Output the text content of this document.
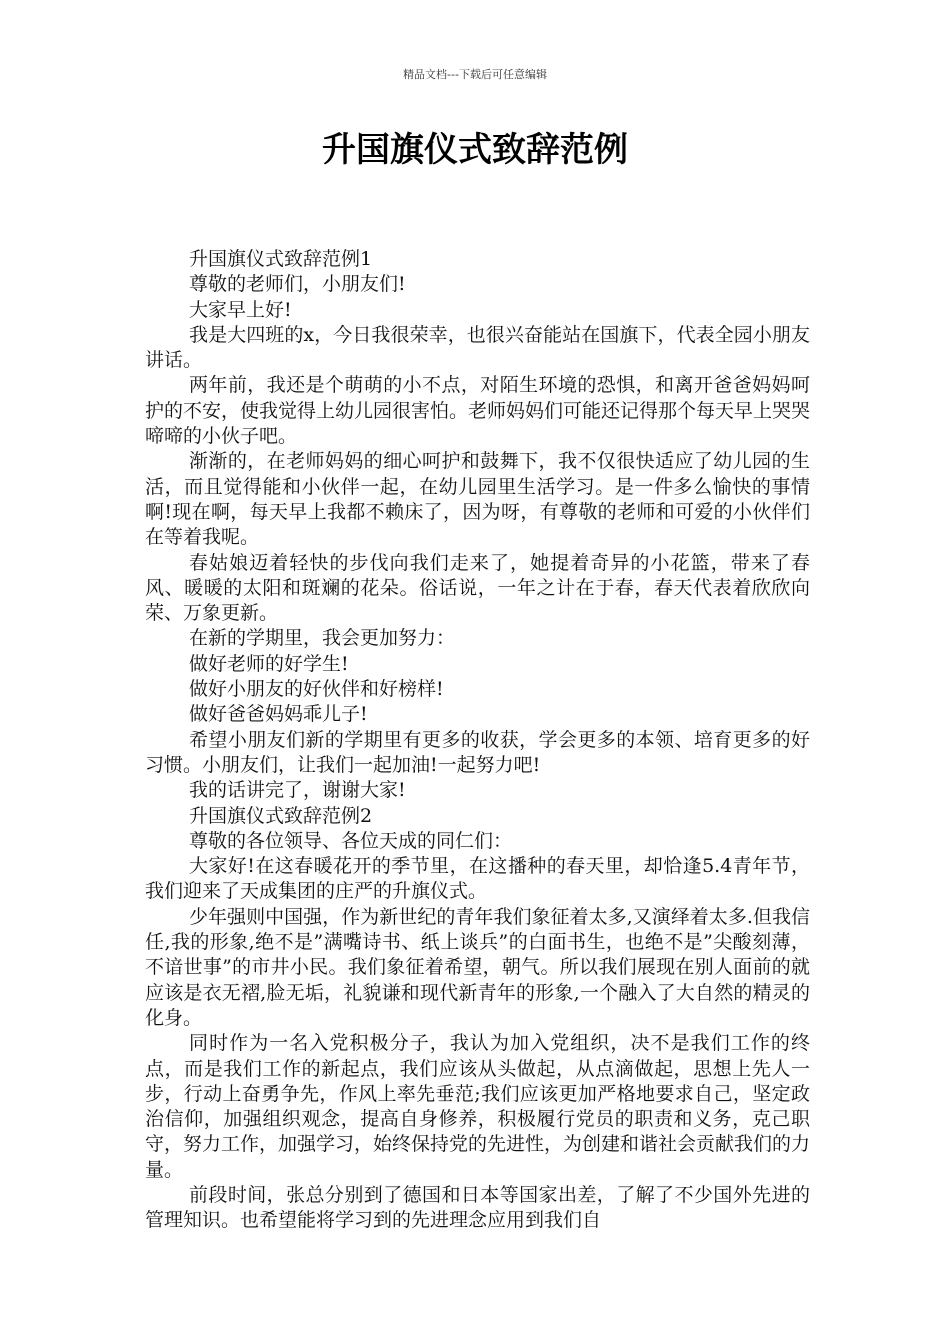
精品文档---下载后可任意编辑
升国旗仪式致辞范例

升国旗仪式致辞范例1

尊敬的老师们，小朋友们!

大家早上好!

我是大四班的x，今日我很荣幸，也很兴奋能站在国旗下，代表全园小朋友讲话。

两年前，我还是个萌萌的小不点，对陌生环境的恐惧，和离开爸爸妈妈呵护的不安，使我觉得上幼儿园很害怕。老师妈妈们可能还记得那个每天早上哭哭啼啼的小伙子吧。

渐渐的，在老师妈妈的细心呵护和鼓舞下，我不仅很快适应了幼儿园的生活，而且觉得能和小伙伴一起，在幼儿园里生活学习。是一件多么愉快的事情啊!现在啊，每天早上我都不赖床了，因为呀，有尊敬的老师和可爱的小伙伴们在等着我呢。

春姑娘迈着轻快的步伐向我们走来了，她提着奇异的小花篮，带来了春风、暖暖的太阳和斑斓的花朵。俗话说，一年之计在于春，春天代表着欣欣向荣、万象更新。

在新的学期里，我会更加努力：

做好老师的好学生!

做好小朋友的好伙伴和好榜样!

做好爸爸妈妈乖儿子!

希望小朋友们新的学期里有更多的收获，学会更多的本领、培育更多的好习惯。小朋友们，让我们一起加油!一起努力吧!

我的话讲完了，谢谢大家!

升国旗仪式致辞范例2

尊敬的各位领导、各位天成的同仁们：

大家好!在这春暖花开的季节里，在这播种的春天里，却恰逢5.4青年节，我们迎来了天成集团的庄严的升旗仪式。

少年强则中国强，作为新世纪的青年我们象征着太多,又演绎着太多.但我信任,我的形象,绝不是”满嘴诗书、纸上谈兵”的白面书生，也绝不是”尖酸刻薄，不谙世事”的市井小民。我们象征着希望，朝气。所以我们展现在别人面前的就应该是衣无褶,脸无垢，礼貌谦和现代新青年的形象,一个融入了大自然的精灵的化身。

同时作为一名入党积极分子，我认为加入党组织，决不是我们工作的终点，而是我们工作的新起点，我们应该从头做起，从点滴做起，思想上先人一步，行动上奋勇争先，作风上率先垂范;我们应该更加严格地要求自己，坚定政治信仰，加强组织观念，提高自身修养，积极履行党员的职责和义务，克己职守，努力工作，加强学习，始终保持党的先进性，为创建和谐社会贡献我们的力量。

前段时间，张总分别到了德国和日本等国家出差，了解了不少国外先进的管理知识。也希望能将学习到的先进理念应用到我们自
